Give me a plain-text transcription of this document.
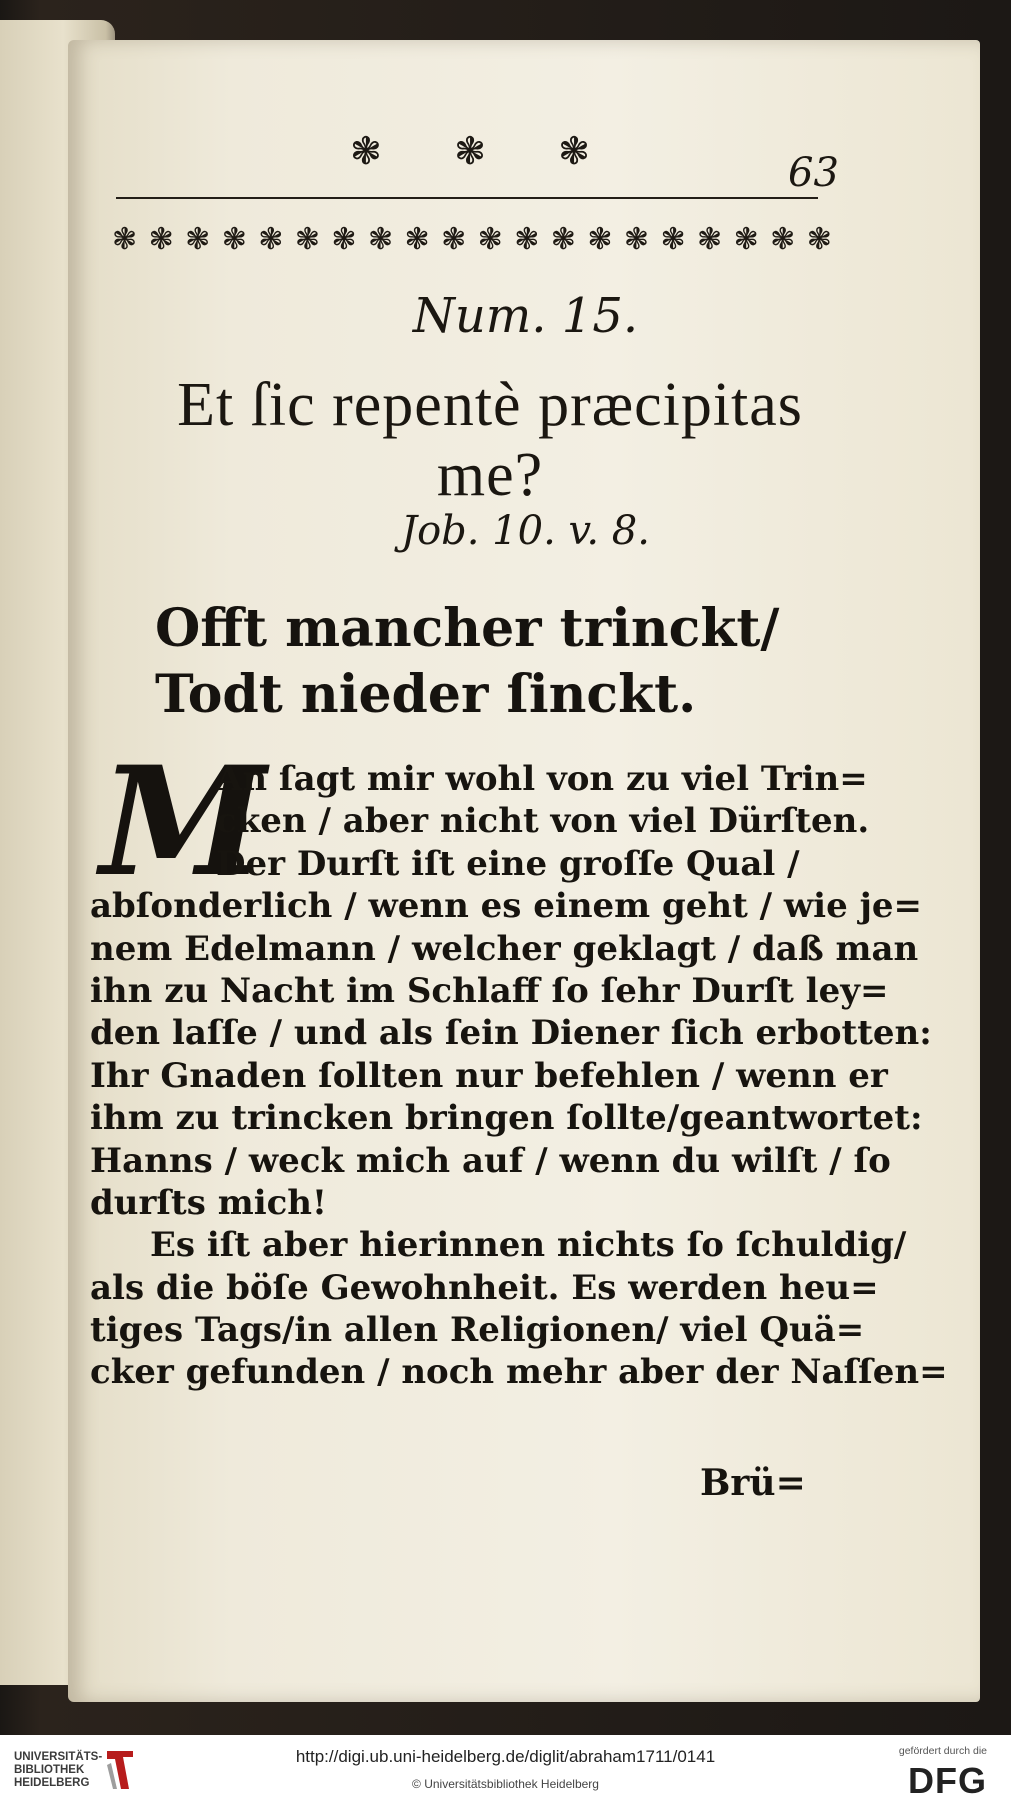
❃ ❃ ❃	63
❃ ❃ ❃ ❃ ❃ ❃ ❃ ❃ ❃ ❃ ❃ ❃ ❃ ❃ ❃ ❃ ❃ ❃ ❃ ❃
Num. 15.
Et ſic repentè præcipitas
me?
Job. 10. v. 8.
Offt mancher trinckt/
Todt nieder ſinckt.
M
An ſagt mir wohl von zu viel Trin=
cken / aber nicht von viel Dürſten.
Der Durſt iſt eine groſſe Qual /
abſonderlich / wenn es einem geht / wie je=
nem Edelmann / welcher geklagt / daß man
ihn zu Nacht im Schlaff ſo ſehr Durſt ley=
den laſſe / und als ſein Diener ſich erbotten:
Ihr Gnaden ſollten nur befehlen / wenn er
ihm zu trincken bringen ſollte/geantwortet:
Hanns / weck mich auf / wenn du wilſt / ſo
durſts mich!
Es iſt aber hierinnen nichts ſo ſchuldig/
als die böſe Gewohnheit. Es werden heu=
tiges Tags/in allen Religionen/ viel Quä=
cker gefunden / noch mehr aber der Naſſen=
Brü=
UNIVERSITÄTS-
BIBLIOTHEK
HEIDELBERG
http://digi.ub.uni-heidelberg.de/diglit/abraham1711/0141
© Universitätsbibliothek Heidelberg
gefördert durch die
DFG
